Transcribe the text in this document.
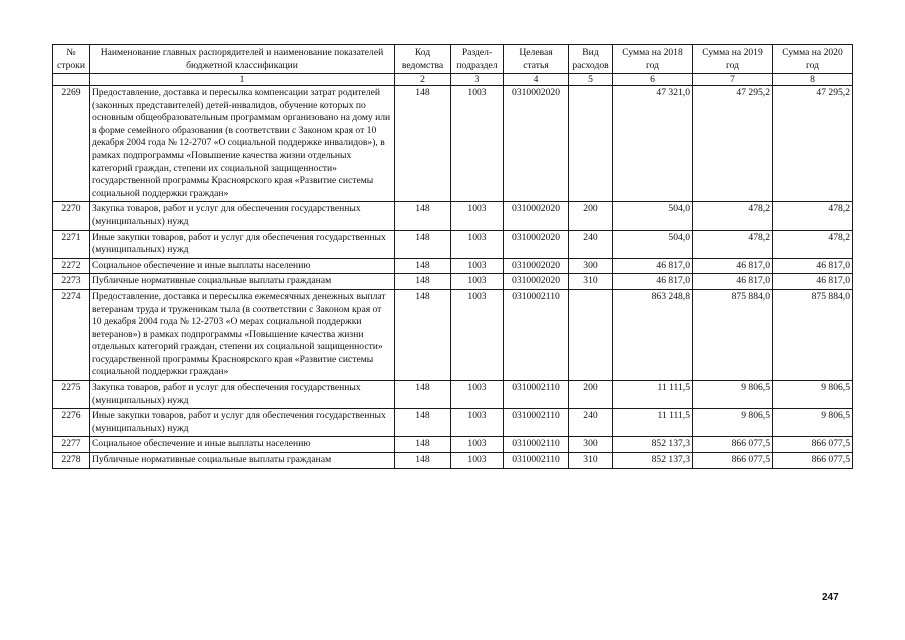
№ строки	Наименование главных распорядителей и наименование показателей бюджетной классификации	Код ведомства	Раздел-подраздел	Целевая статья	Вид расходов	Сумма на 2018 год	Сумма на 2019 год	Сумма на 2020 год
	1	2	3	4	5	6	7	8
2269	Предоставление, доставка и пересылка компенсации затрат родителей (законных представителей) детей-инвалидов, обучение которых по основным общеобразовательным программам организовано на дому или в форме семейного образования (в соответствии с Законом края от 10 декабря 2004 года № 12-2707 «О социальной поддержке инвалидов»), в рамках подпрограммы «Повышение качества жизни отдельных категорий граждан, степени их социальной защищенности» государственной программы Красноярского края «Развитие системы социальной поддержки граждан»	148	1003	0310002020		47 321,0	47 295,2	47 295,2
2270	Закупка товаров, работ и услуг для обеспечения государственных (муниципальных) нужд	148	1003	0310002020	200	504,0	478,2	478,2
2271	Иные закупки товаров, работ и услуг для обеспечения государственных (муниципальных) нужд	148	1003	0310002020	240	504,0	478,2	478,2
2272	Социальное обеспечение и иные выплаты населению	148	1003	0310002020	300	46 817,0	46 817,0	46 817,0
2273	Публичные нормативные социальные выплаты гражданам	148	1003	0310002020	310	46 817,0	46 817,0	46 817,0
2274	Предоставление, доставка и пересылка ежемесячных денежных выплат ветеранам труда и труженикам тыла (в соответствии с Законом края от 10 декабря 2004 года № 12-2703 «О мерах социальной поддержки ветеранов») в рамках подпрограммы «Повышение качества жизни отдельных категорий граждан, степени их социальной защищенности» государственной программы Красноярского края «Развитие системы социальной поддержки граждан»	148	1003	0310002110		863 248,8	875 884,0	875 884,0
2275	Закупка товаров, работ и услуг для обеспечения государственных (муниципальных) нужд	148	1003	0310002110	200	11 111,5	9 806,5	9 806,5
2276	Иные закупки товаров, работ и услуг для обеспечения государственных (муниципальных) нужд	148	1003	0310002110	240	11 111,5	9 806,5	9 806,5
2277	Социальное обеспечение и иные выплаты населению	148	1003	0310002110	300	852 137,3	866 077,5	866 077,5
2278	Публичные нормативные социальные выплаты гражданам	148	1003	0310002110	310	852 137,3	866 077,5	866 077,5
247
